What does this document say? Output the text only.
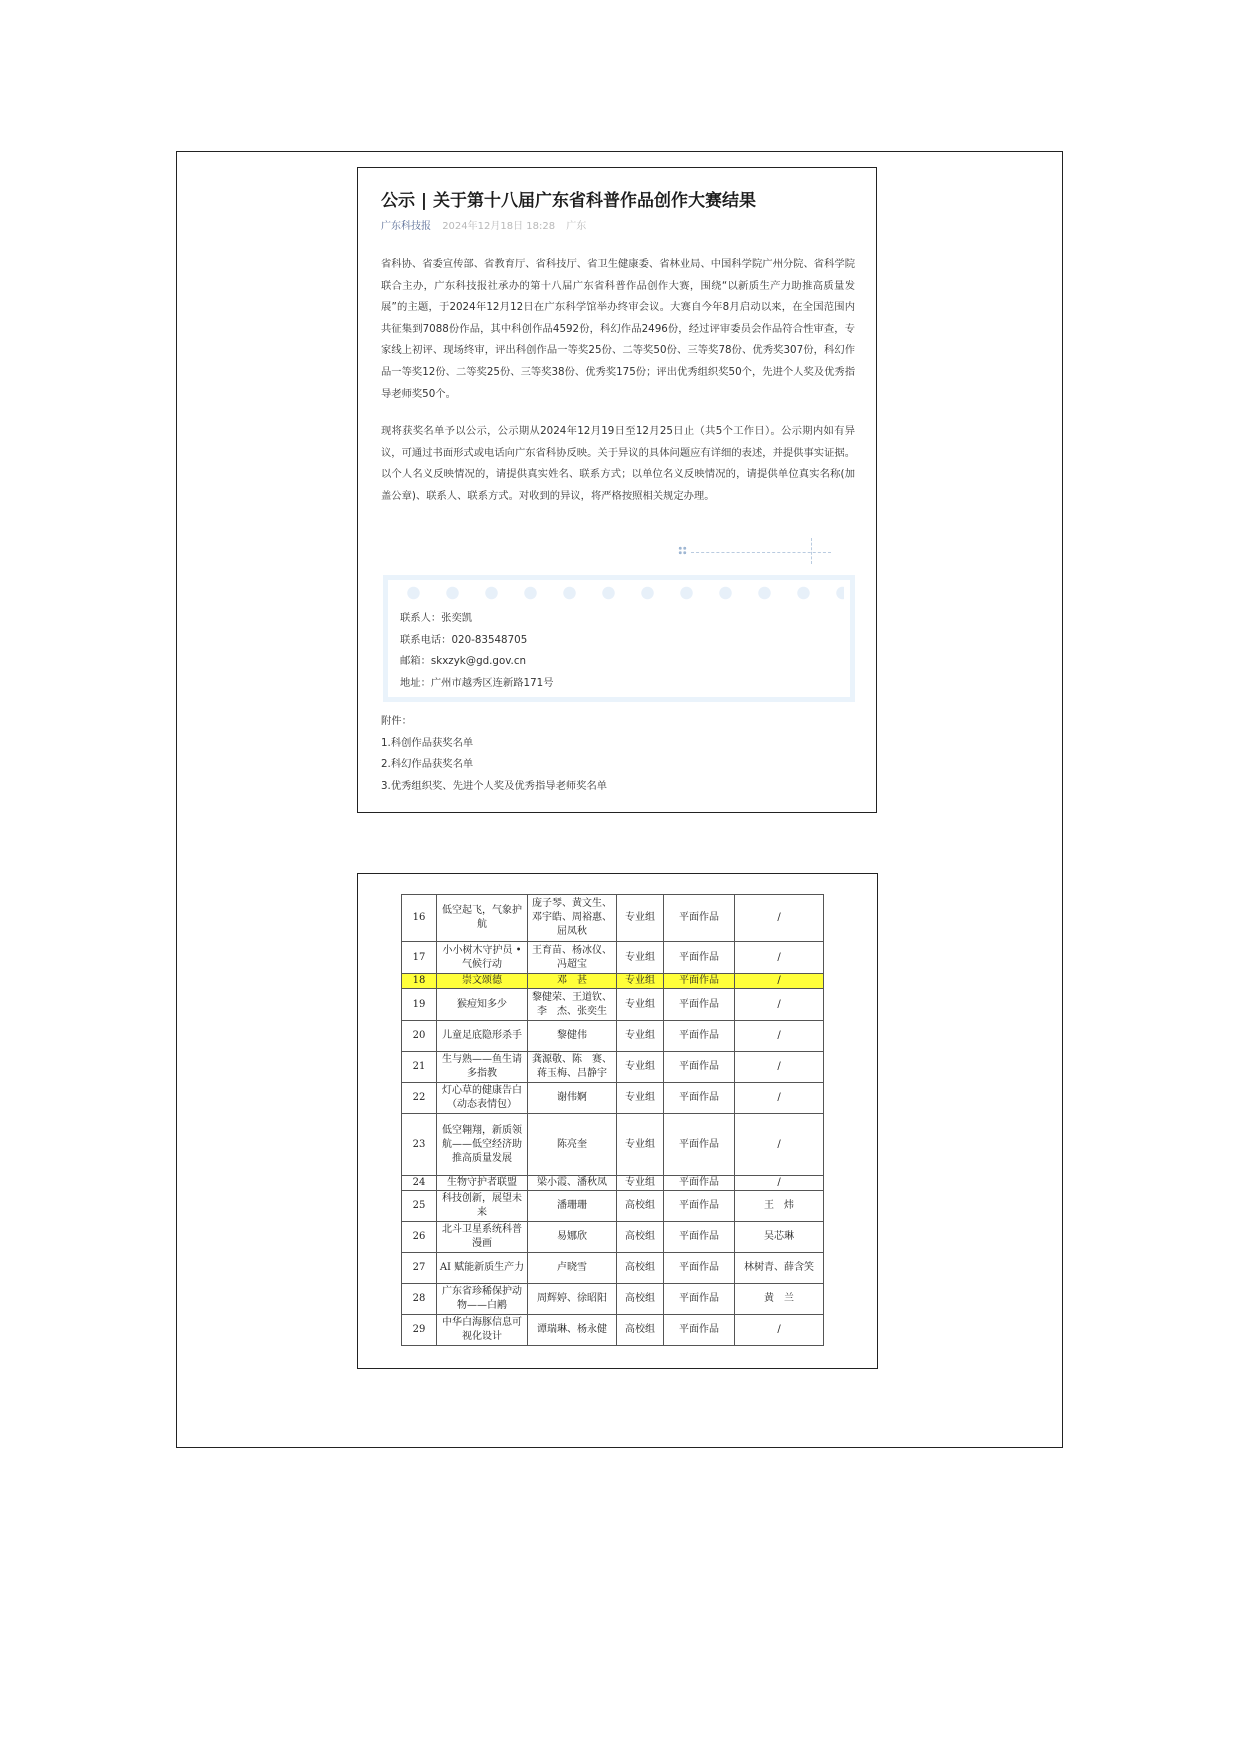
公示 | 关于第十八届广东省科普作品创作大赛结果
广东科技报 2024年12月18日 18:28 广东

省科协、省委宣传部、省教育厅、省科技厅、省卫生健康委、省林业局、中国科学院广州分院、省科学院联合主办，广东科技报社承办的第十八届广东省科普作品创作大赛，围绕“以新质生产力助推高质量发展”的主题，于2024年12月12日在广东科学馆举办终审会议。大赛自今年8月启动以来，在全国范围内共征集到7088份作品，其中科创作品4592份，科幻作品2496份，经过评审委员会作品符合性审查，专家线上初评、现场终审，评出科创作品一等奖25份、二等奖50份、三等奖78份、优秀奖307份，科幻作品一等奖12份、二等奖25份、三等奖38份、优秀奖175份；评出优秀组织奖50个，先进个人奖及优秀指导老师奖50个。

现将获奖名单予以公示，公示期从2024年12月19日至12月25日止（共5个工作日）。公示期内如有异议，可通过书面形式或电话向广东省科协反映。关于异议的具体问题应有详细的表述，并提供事实证据。以个人名义反映情况的，请提供真实姓名、联系方式；以单位名义反映情况的，请提供单位真实名称(加盖公章)、联系人、联系方式。对收到的异议，将严格按照相关规定办理。

联系人：张奕凯
联系电话：020-83548705
邮箱：skxzyk@gd.gov.cn
地址：广州市越秀区连新路171号
附件：
1.科创作品获奖名单
2.科幻作品获奖名单
3.优秀组织奖、先进个人奖及优秀指导老师奖名单
16	低空起飞，气象护航	庞子琴、黄文生、邓宇皓、周裕惠、屈凤秋	专业组	平面作品	/
17	小小树木守护员 • 气候行动	王育苗、杨冰仪、冯超宝	专业组	平面作品	/
18	崇文颂德	邓　甚	专业组	平面作品	/
19	猴痘知多少	黎健荣、王道钦、李　杰、张奕生	专业组	平面作品	/
20	儿童足底隐形杀手	黎健伟	专业组	平面作品	/
21	生与熟——鱼生请多指教	龚源敬、陈　赛、蒋玉梅、吕静宇	专业组	平面作品	/
22	灯心草的健康告白（动态表情包）	谢伟婀	专业组	平面作品	/
23	低空翱翔，新质领航——低空经济助推高质量发展	陈亮奎	专业组	平面作品	/
24	生物守护者联盟	梁小霞、潘秋凤	专业组	平面作品	/
25	科技创新，展望未来	潘珊珊	高校组	平面作品	王　炜
26	北斗卫星系统科普漫画	易娜欣	高校组	平面作品	吴芯琳
27	AI 赋能新质生产力	卢晓雪	高校组	平面作品	林树青、薛含笑
28	广东省珍稀保护动物——白鹇	周辉婷、徐昭阳	高校组	平面作品	黄　兰
29	中华白海豚信息可视化设计	谭瑞琳、杨永健	高校组	平面作品	/
